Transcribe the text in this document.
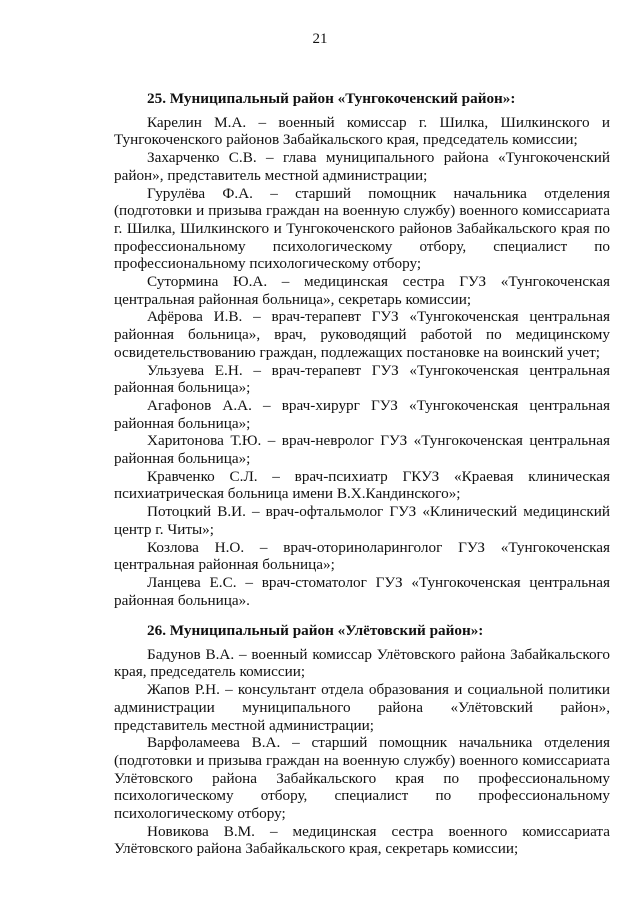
21

25. Муниципальный район «Тунгокоченский район»:

Карелин М.А. – военный комиссар г. Шилка, Шилкинского и Тунгокоченского районов Забайкальского края, председатель комиссии;

Захарченко С.В. – глава муниципального района «Тунгокоченский район», представитель местной администрации;

Гурулёва Ф.А. – старший помощник начальника отделения (подготовки и призыва граждан на военную службу) военного комиссариата г. Шилка, Шилкинского и Тунгокоченского районов Забайкальского края по профессиональному психологическому отбору, специалист по профессиональному психологическому отбору;

Сутормина Ю.А. – медицинская сестра ГУЗ «Тунгокоченская центральная районная больница», секретарь комиссии;

Афёрова И.В. – врач-терапевт ГУЗ «Тунгокоченская центральная районная больница», врач, руководящий работой по медицинскому освидетельствованию граждан, подлежащих постановке на воинский учет;

Ульзуева Е.Н. – врач-терапевт ГУЗ «Тунгокоченская центральная районная больница»;

Агафонов А.А. – врач-хирург ГУЗ «Тунгокоченская центральная районная больница»;

Харитонова Т.Ю. – врач-невролог ГУЗ «Тунгокоченская центральная районная больница»;

Кравченко С.Л. – врач-психиатр ГКУЗ «Краевая клиническая психиатрическая больница имени В.Х.Кандинского»;

Потоцкий В.И. – врач-офтальмолог ГУЗ «Клинический медицинский центр г. Читы»;

Козлова Н.О. – врач-оториноларинголог ГУЗ «Тунгокоченская центральная районная больница»;

Ланцева Е.С. – врач-стоматолог ГУЗ «Тунгокоченская центральная районная больница».

26. Муниципальный район «Улётовский район»:

Бадунов В.А. – военный комиссар Улётовского района Забайкальского края, председатель комиссии;

Жапов Р.Н. – консультант отдела образования и социальной политики администрации муниципального района «Улётовский район», представитель местной администрации;

Варфоламеева В.А. – старший помощник начальника отделения (подготовки и призыва граждан на военную службу) военного комиссариата Улётовского района Забайкальского края по профессиональному психологическому отбору, специалист по профессиональному психологическому отбору;

Новикова В.М. – медицинская сестра военного комиссариата Улётовского района Забайкальского края, секретарь комиссии;
